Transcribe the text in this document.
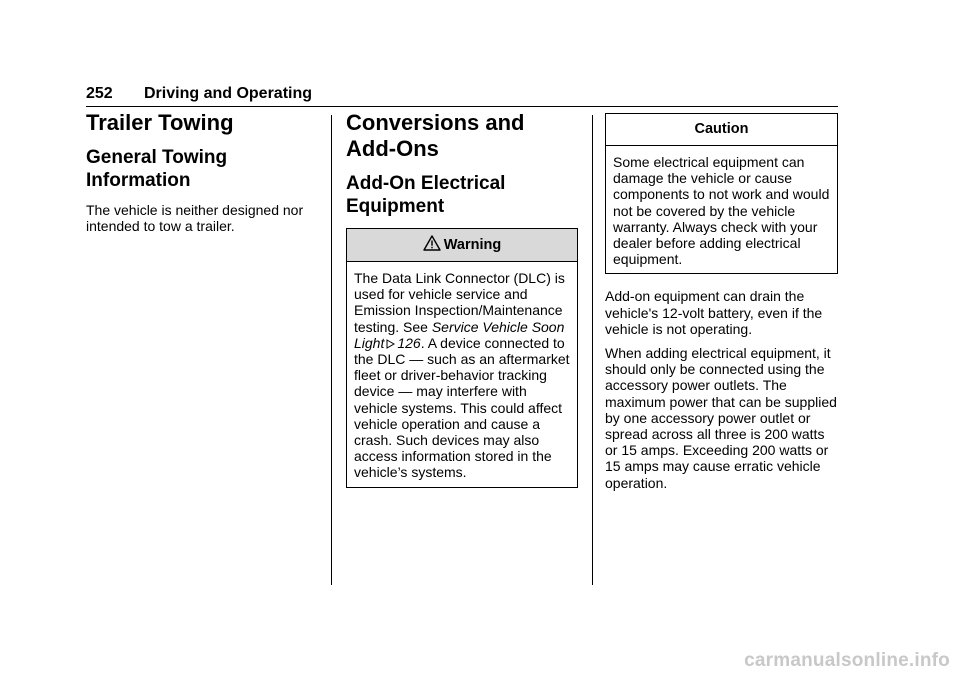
252 Driving and Operating
Trailer Towing
General Towing Information

The vehicle is neither designed nor intended to tow a trailer.

Conversions and Add-Ons
Add-On Electrical Equipment
Warning
The Data Link Connector (DLC) is used for vehicle service and Emission Inspection/Maintenance testing. See Service Vehicle Soon Light 126. A device connected to the DLC — such as an aftermarket fleet or driver-behavior tracking device — may interfere with vehicle systems. This could affect vehicle operation and cause a crash. Such devices may also access information stored in the vehicle’s systems.
Caution
Some electrical equipment can damage the vehicle or cause components to not work and would not be covered by the vehicle warranty. Always check with your dealer before adding electrical equipment.

Add-on equipment can drain the vehicle's 12-volt battery, even if the vehicle is not operating.

When adding electrical equipment, it should only be connected using the accessory power outlets. The maximum power that can be supplied by one accessory power outlet or spread across all three is 200 watts or 15 amps. Exceeding 200 watts or 15 amps may cause erratic vehicle operation.

carmanualsonline.info
